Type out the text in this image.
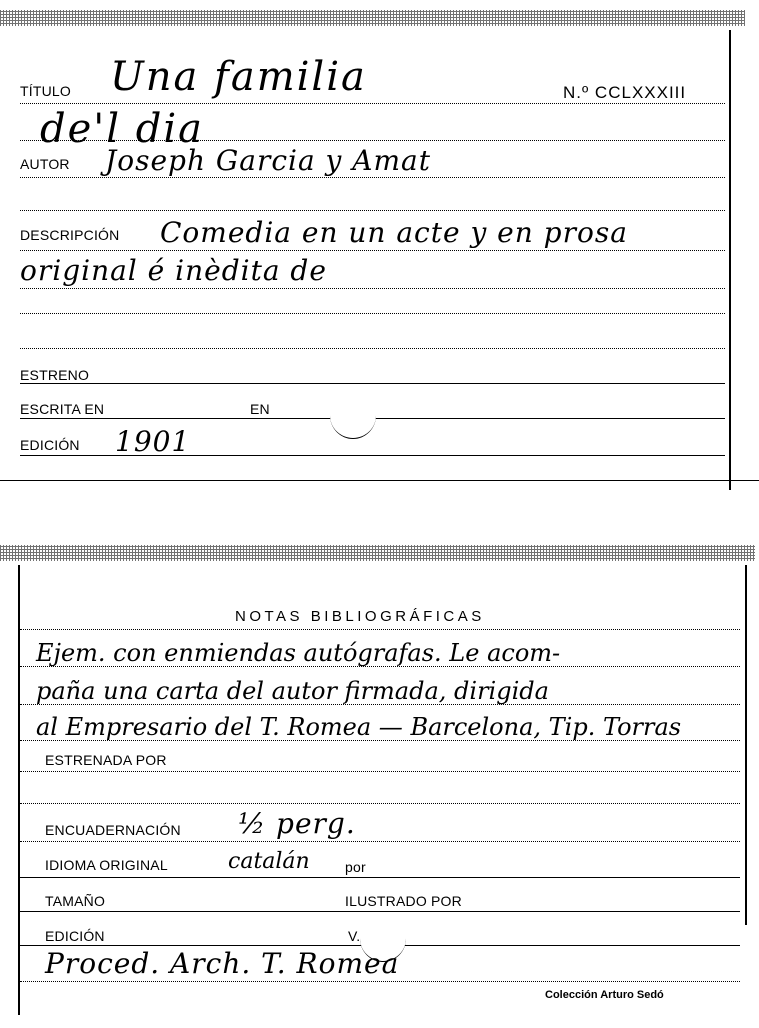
TÍTULO Una familia	N.º CCLXXXIII
de'l dia
AUTOR Joseph Garcia y Amat
DESCRIPCIÓN Comedia en un acte y en prosa
original é inèdita de
ESTRENO
ESCRITA EN	EN
EDICIÓN 1901
NOTAS BIBLIOGRÁFICAS
Ejem. con enmiendas autógrafas. Le acom-
paña una carta del autor firmada, dirigida
al Empresario del T. Romea — Barcelona, Tip. Torras
ESTRENADA POR
ENCUADERNACIÓN ½ perg.
IDIOMA ORIGINAL	catalán	por
TAMAÑO	ILUSTRADO POR
EDICIÓN	V.
Proced. Arch. T. Romea
Colección Arturo Sedó
